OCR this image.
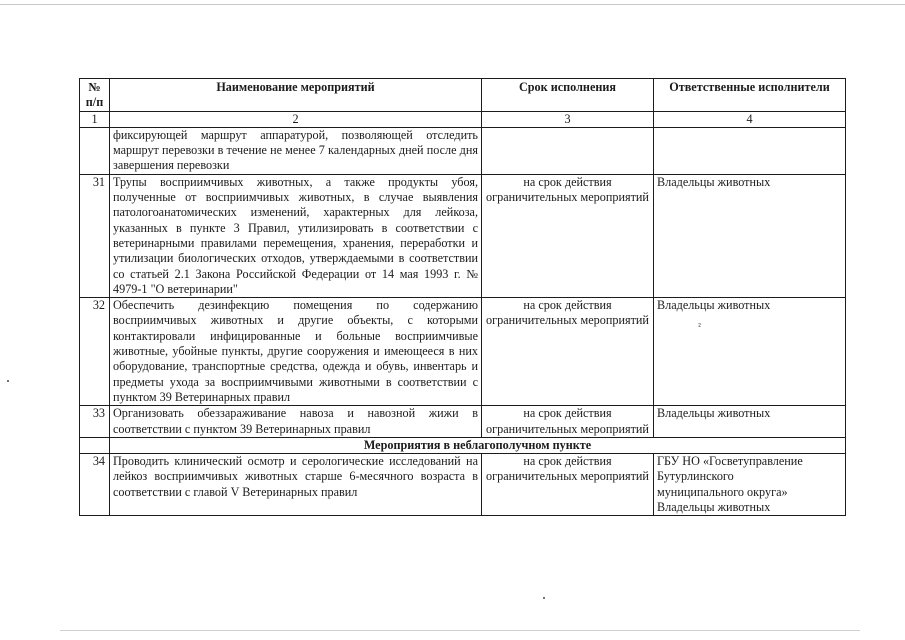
№ п/п	Наименование мероприятий	Срок исполнения	Ответственные исполнители
1	2	3	4
	фиксирующей маршрут аппаратурой, позволяющей отследить маршрут перевозки в течение не менее 7 календарных дней после дня завершения перевозки		
31	Трупы восприимчивых животных, а также продукты убоя, полученные от восприимчивых животных, в случае выявления патологоанатомических изменений, характерных для лейкоза, указанных в пункте 3 Правил, утилизировать в соответствии с ветеринарными правилами перемещения, хранения, переработки и утилизации биологических отходов, утверждаемыми в соответствии со статьей 2.1 Закона Российской Федерации от 14 мая 1993 г. № 4979-1 "О ветеринарии"	на срок действия ограничительных мероприятий	Владельцы животных
32	Обеспечить дезинфекцию помещения по содержанию восприимчивых животных и другие объекты, с которыми контактировали инфицированные и больные восприимчивые животные, убойные пункты, другие сооружения и имеющееся в них оборудование, транспортные средства, одежда и обувь, инвентарь и предметы ухода за восприимчивыми животными в соответствии с пунктом 39 Ветеринарных правил	на срок действия ограничительных мероприятий	Владельцы животных
²

33	Организовать обеззараживание навоза и навозной жижи в соответствии с пунктом 39 Ветеринарных правил	на срок действия ограничительных мероприятий	Владельцы животных
	Мероприятия в неблагополучном пункте		
34	Проводить клинический осмотр и серологические исследований на лейкоз восприимчивых животных старше 6-месячного возраста в соответствии с главой V Ветеринарных правил	на срок действия ограничительных мероприятий	ГБУ НО «Госветуправление
Бутурлинского
муниципального округа»
Владельцы животных
